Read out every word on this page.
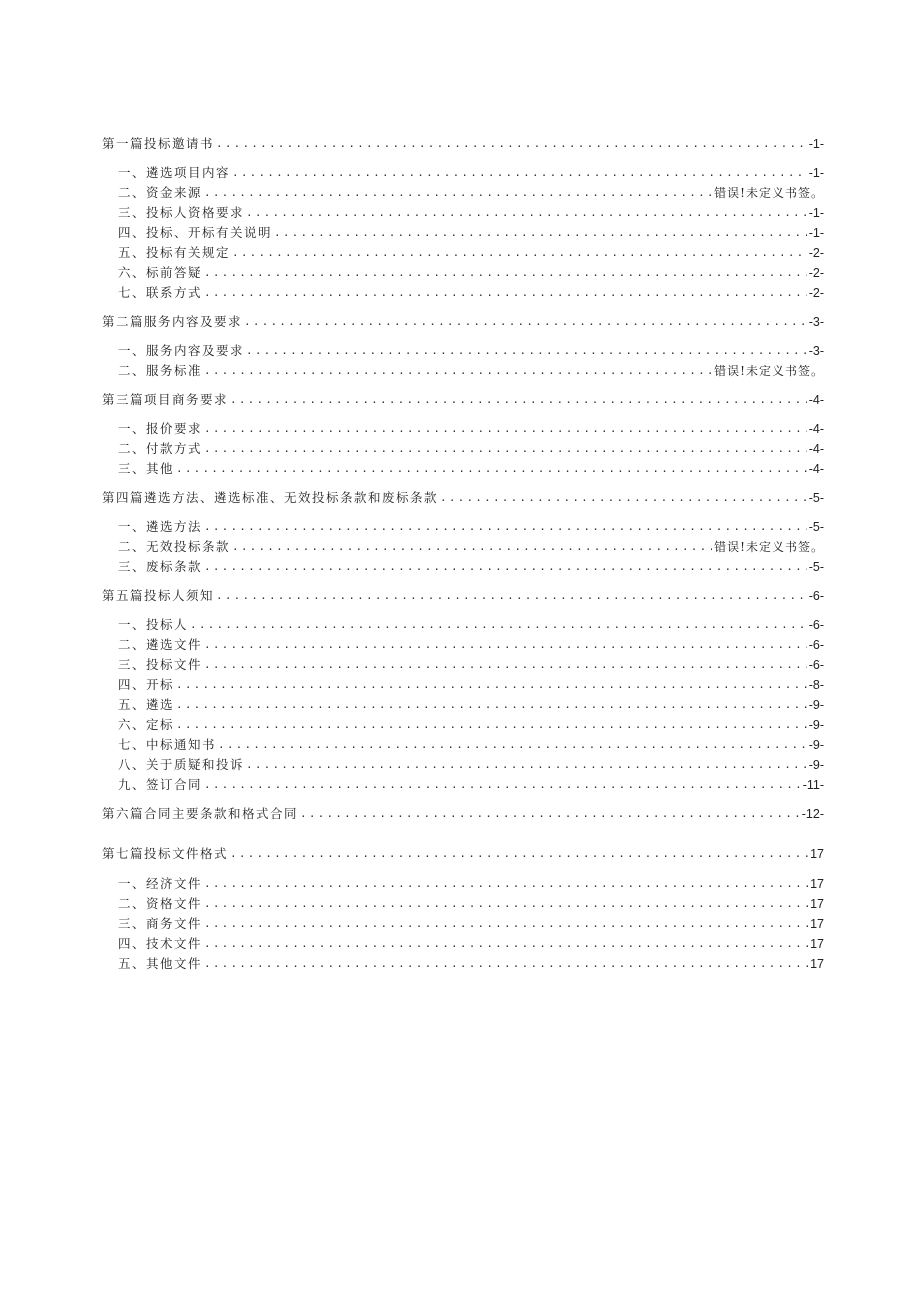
第一篇投标邀请书 .....	-1-
一、遴选项目内容 .....	-1-
二、资金来源 .....	错误!未定义书签。
三、投标人资格要求 .....	-1-
四、投标、开标有关说明 .....	-1-
五、投标有关规定 .....	-2-
六、标前答疑 .....	-2-
七、联系方式 .....	-2-
第二篇服务内容及要求 .....	-3-
一、服务内容及要求 .....	-3-
二、服务标准 .....	错误!未定义书签。
第三篇项目商务要求 .....	-4-
一、报价要求 .....	-4-
二、付款方式 .....	-4-
三、其他 .....	-4-
第四篇遴选方法、遴选标准、无效投标条款和废标条款 .....	-5-
一、遴选方法 .....	-5-
二、无效投标条款 .....	错误!未定义书签。
三、废标条款 .....	-5-
第五篇投标人须知 .....	-6-
一、投标人 .....	-6-
二、遴选文件 .....	-6-
三、投标文件 .....	-6-
四、开标 .....	-8-
五、遴选 .....	-9-
六、定标 .....	-9-
七、中标通知书 .....	-9-
八、关于质疑和投诉 .....	-9-
九、签订合同 .....	-11-
第六篇合同主要条款和格式合同 .....	-12-
第七篇投标文件格式 .....	17
一、经济文件 .....	17
二、资格文件 .....	17
三、商务文件 .....	17
四、技术文件 .....	17
五、其他文件 .....	17
